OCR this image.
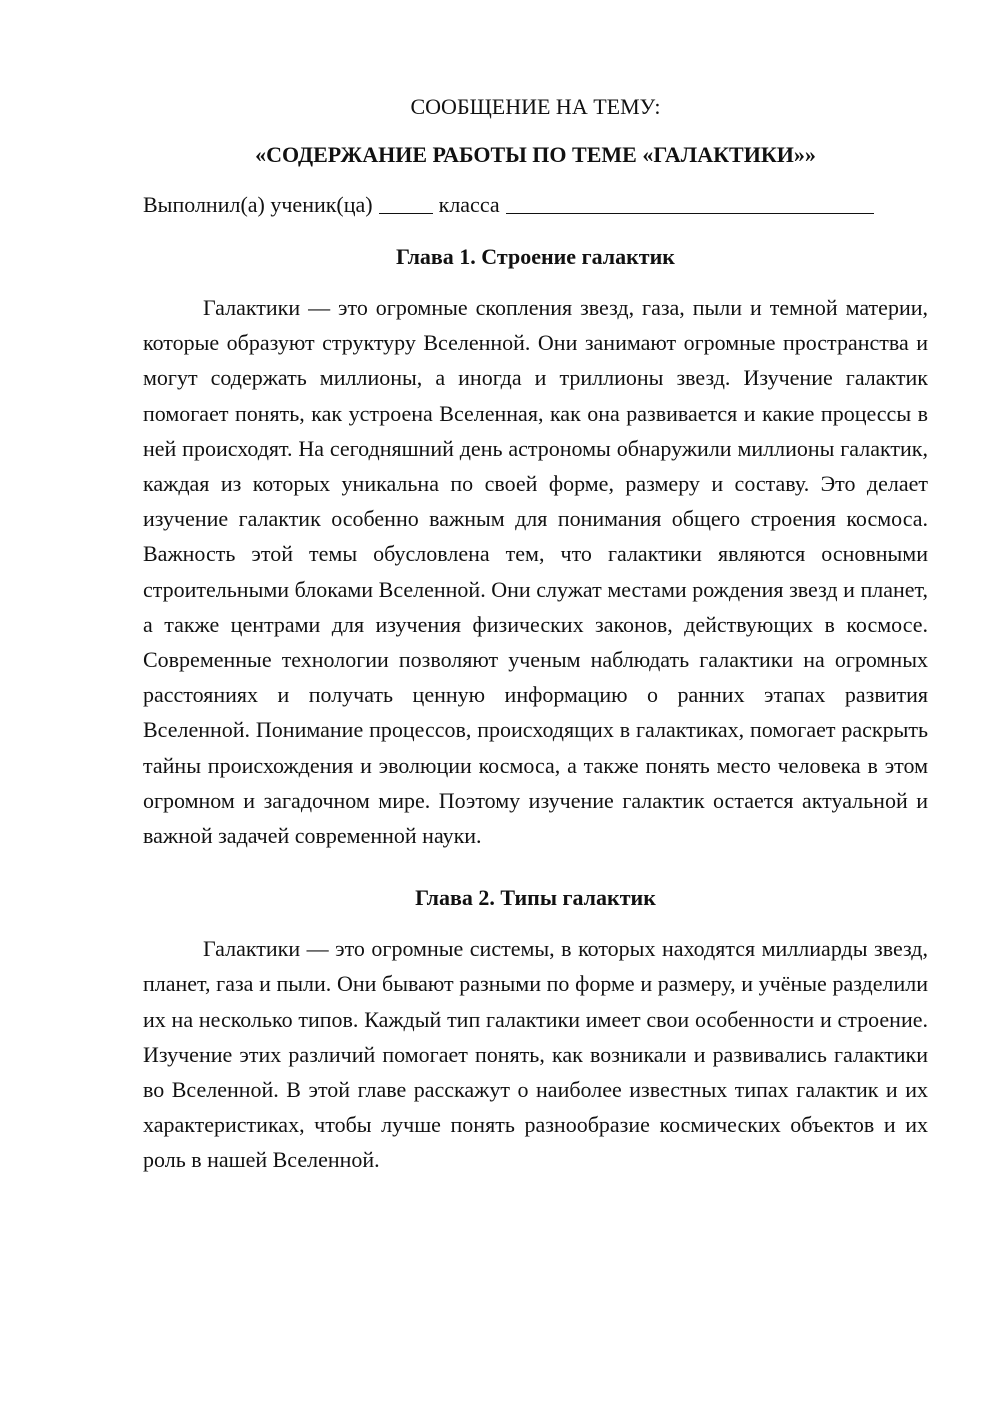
СООБЩЕНИЕ НА ТЕМУ:

«СОДЕРЖАНИЕ РАБОТЫ ПО ТЕМЕ «ГАЛАКТИКИ»»

Выполнил(а) ученик(ца)	класса

Глава 1. Строение галактик

Галактики — это огромные скопления звезд, газа, пыли и темной материи, которые образуют структуру Вселенной. Они занимают огромные пространства и могут содержать миллионы, а иногда и триллионы звезд. Изучение галактик помогает понять, как устроена Вселенная, как она развивается и какие процессы в ней происходят. На сегодняшний день астрономы обнаружили миллионы галактик, каждая из которых уникальна по своей форме, размеру и составу. Это делает изучение галактик особенно важным для понимания общего строения космоса. Важность этой темы обусловлена тем, что галактики являются основными строительными блоками Вселенной. Они служат местами рождения звезд и планет, а также центрами для изучения физических законов, действующих в космосе. Современные технологии позволяют ученым наблюдать галактики на огромных расстояниях и получать ценную информацию о ранних этапах развития Вселенной. Понимание процессов, происходящих в галактиках, помогает раскрыть тайны происхождения и эволюции космоса, а также понять место человека в этом огромном и загадочном мире. Поэтому изучение галактик остается актуальной и важной задачей современной науки.

Глава 2. Типы галактик

Галактики — это огромные системы, в которых находятся миллиарды звезд, планет, газа и пыли. Они бывают разными по форме и размеру, и учёные разделили их на несколько типов. Каждый тип галактики имеет свои особенности и строение. Изучение этих различий помогает понять, как возникали и развивались галактики во Вселенной. В этой главе расскажут о наиболее известных типах галактик и их характеристиках, чтобы лучше понять разнообразие космических объектов и их роль в нашей Вселенной.
